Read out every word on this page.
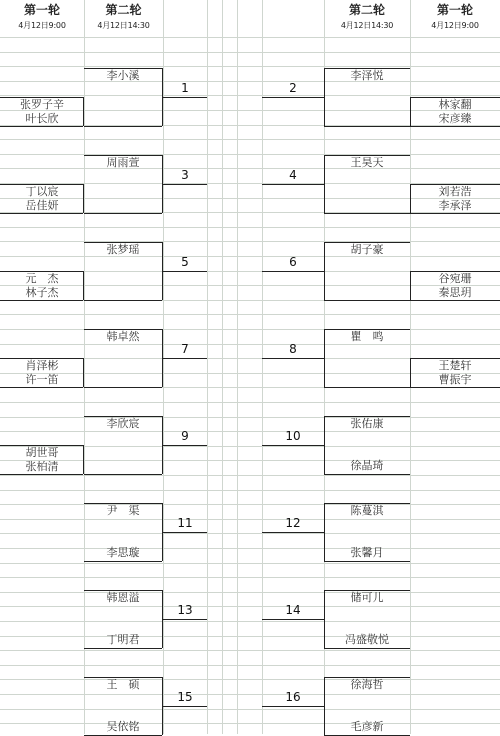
第一轮
4月12日9:00
第二轮
4月12日14:30
第二轮
4月12日14:30
第一轮
4月12日9:00
李小溪
1
张罗子辛
叶长欣
周雨萱
3
丁以宸
岳佳妍
张梦瑶
5
元　杰
林子杰
韩卓然
7
肖泽彬
许一笛
李欣宸
9
胡世哥
张柏清
尹　渠
11
李思璇
韩恩溢
13
丁明君
王　硕
15
吴依铭
李泽悦
2
林家翻
宋彦臻
王昊天
4
刘若浩
李承泽
胡子豪
6
谷宛珊
秦思玥
瞿　鸣
8
王楚轩
曹振宇
张佑康
10
徐晶琦
陈蔓淇
12
张馨月
储可儿
14
冯盛敬悦
徐海哲
16
毛彦新
